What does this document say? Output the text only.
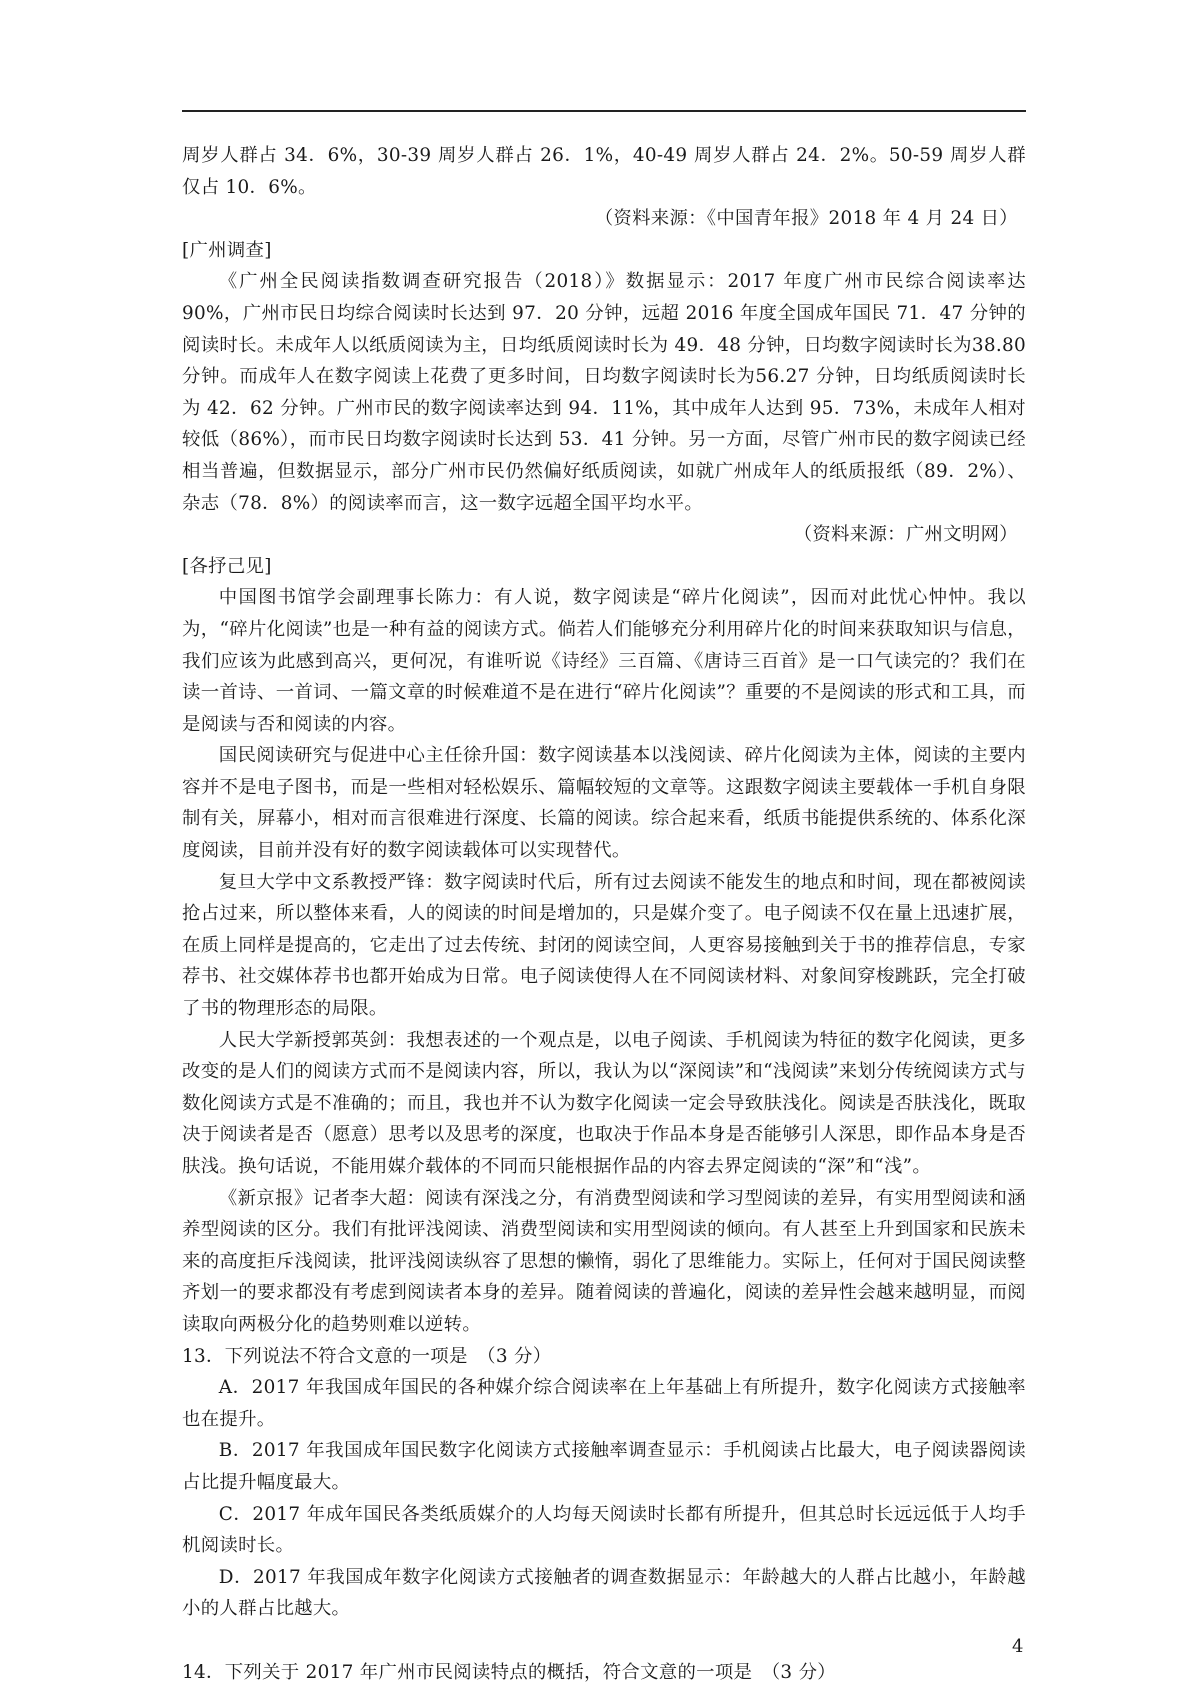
周岁人群占 34．6%，30-39 周岁人群占 26．1%，40-49 周岁人群占 24．2%。50-59 周岁人群仅占 10．6%。

（资料来源：《中国青年报》2018 年 4 月 24 日）

[广州调查]

《广州全民阅读指数调查研究报告（2018）》数据显示：2017 年度广州市民综合阅读率达 90%，广州市民日均综合阅读时长达到 97．20 分钟，远超 2016 年度全国成年国民 71．47 分钟的阅读时长。未成年人以纸质阅读为主，日均纸质阅读时长为 49．48 分钟，日均数字阅读时长为38.80分钟。而成年人在数字阅读上花费了更多时间，日均数字阅读时长为56.27 分钟，日均纸质阅读时长为 42．62 分钟。广州市民的数字阅读率达到 94．11%，其中成年人达到 95．73%，未成年人相对较低（86%），而市民日均数字阅读时长达到 53．41 分钟。另一方面，尽管广州市民的数字阅读已经相当普遍，但数据显示，部分广州市民仍然偏好纸质阅读，如就广州成年人的纸质报纸（89．2%）、杂志（78．8%）的阅读率而言，这一数字远超全国平均水平。

（资料来源：广州文明网）

[各抒己见]

中国图书馆学会副理事长陈力：有人说，数字阅读是“碎片化阅读”，因而对此忧心忡忡。我以为，“碎片化阅读”也是一种有益的阅读方式。倘若人们能够充分利用碎片化的时间来获取知识与信息，我们应该为此感到高兴，更何况，有谁听说《诗经》三百篇、《唐诗三百首》是一口气读完的？我们在读一首诗、一首词、一篇文章的时候难道不是在进行“碎片化阅读”？重要的不是阅读的形式和工具，而是阅读与否和阅读的内容。

国民阅读研究与促进中心主任徐升国：数字阅读基本以浅阅读、碎片化阅读为主体，阅读的主要内容并不是电子图书，而是一些相对轻松娱乐、篇幅较短的文章等。这跟数字阅读主要载体一手机自身限制有关，屏幕小，相对而言很难进行深度、长篇的阅读。综合起来看，纸质书能提供系统的、体系化深度阅读，目前并没有好的数字阅读载体可以实现替代。

复旦大学中文系教授严锋：数字阅读时代后，所有过去阅读不能发生的地点和时间，现在都被阅读抢占过来，所以整体来看，人的阅读的时间是增加的，只是媒介变了。电子阅读不仅在量上迅速扩展，在质上同样是提高的，它走出了过去传统、封闭的阅读空间，人更容易接触到关于书的推荐信息，专家荐书、社交媒体荐书也都开始成为日常。电子阅读使得人在不同阅读材料、对象间穿梭跳跃，完全打破了书的物理形态的局限。

人民大学新授郭英剑：我想表述的一个观点是，以电子阅读、手机阅读为特征的数字化阅读，更多改变的是人们的阅读方式而不是阅读内容，所以，我认为以“深阅读”和“浅阅读”来划分传统阅读方式与数化阅读方式是不准确的；而且，我也并不认为数字化阅读一定会导致肤浅化。阅读是否肤浅化，既取决于阅读者是否（愿意）思考以及思考的深度，也取决于作品本身是否能够引人深思，即作品本身是否肤浅。换句话说，不能用媒介载体的不同而只能根据作品的内容去界定阅读的“深”和“浅”。

《新京报》记者李大超：阅读有深浅之分，有消费型阅读和学习型阅读的差异，有实用型阅读和涵养型阅读的区分。我们有批评浅阅读、消费型阅读和实用型阅读的倾向。有人甚至上升到国家和民族未来的高度拒斥浅阅读，批评浅阅读纵容了思想的懒惰，弱化了思维能力。实际上，任何对于国民阅读整齐划一的要求都没有考虑到阅读者本身的差异。随着阅读的普遍化，阅读的差异性会越来越明显，而阅读取向两极分化的趋势则难以逆转。

13．下列说法不符合文意的一项是　（3 分）

A．2017 年我国成年国民的各种媒介综合阅读率在上年基础上有所提升，数字化阅读方式接触率也在提升。

B．2017 年我国成年国民数字化阅读方式接触率调查显示：手机阅读占比最大，电子阅读器阅读占比提升幅度最大。

C．2017 年成年国民各类纸质媒介的人均每天阅读时长都有所提升，但其总时长远远低于人均手机阅读时长。

D．2017 年我国成年数字化阅读方式接触者的调查数据显示：年龄越大的人群占比越小，年龄越小的人群占比越大。

14．下列关于 2017 年广州市民阅读特点的概括，符合文意的一项是　（3 分）

4
